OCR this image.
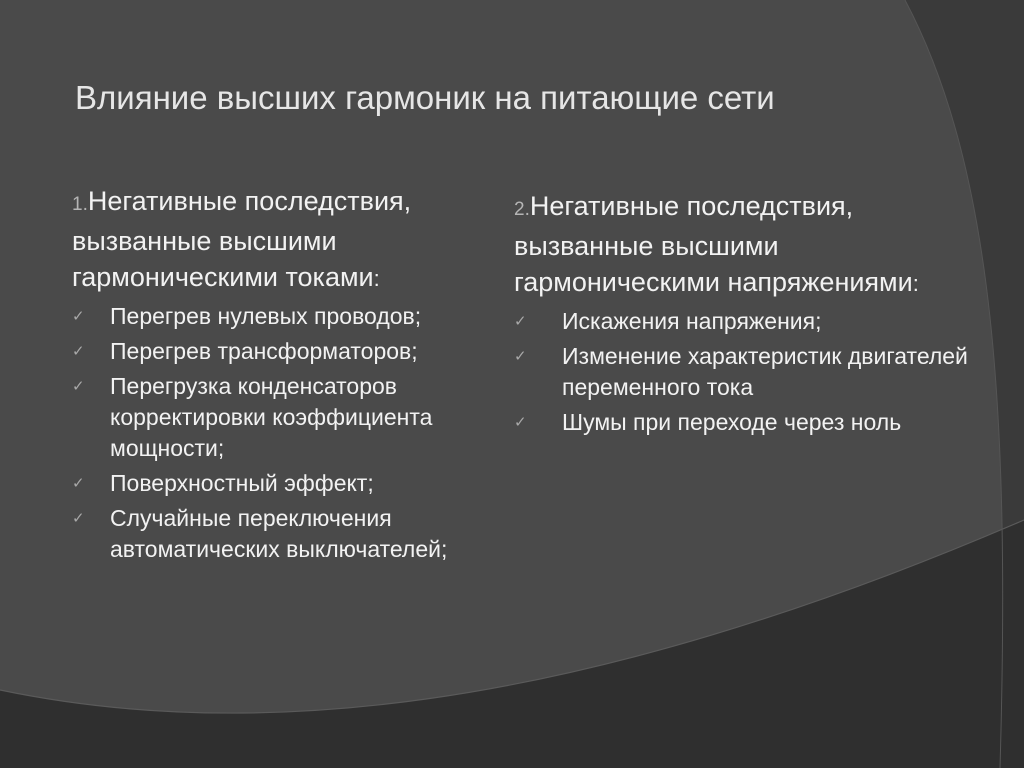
Влияние высших гармоник на питающие сети

1.Негативные последствия, вызванные высшими гармоническими токами:

✓ Перегрев нулевых проводов;
✓ Перегрев трансформаторов;
✓ Перегрузка конденсаторов корректировки коэффициента мощности;
✓ Поверхностный эффект;
✓ Случайные переключения автоматических выключателей;

2.Негативные последствия, вызванные высшими гармоническими напряжениями:

✓ Искажения напряжения;
✓ Изменение характеристик двигателей переменного тока
✓ Шумы при переходе через ноль
